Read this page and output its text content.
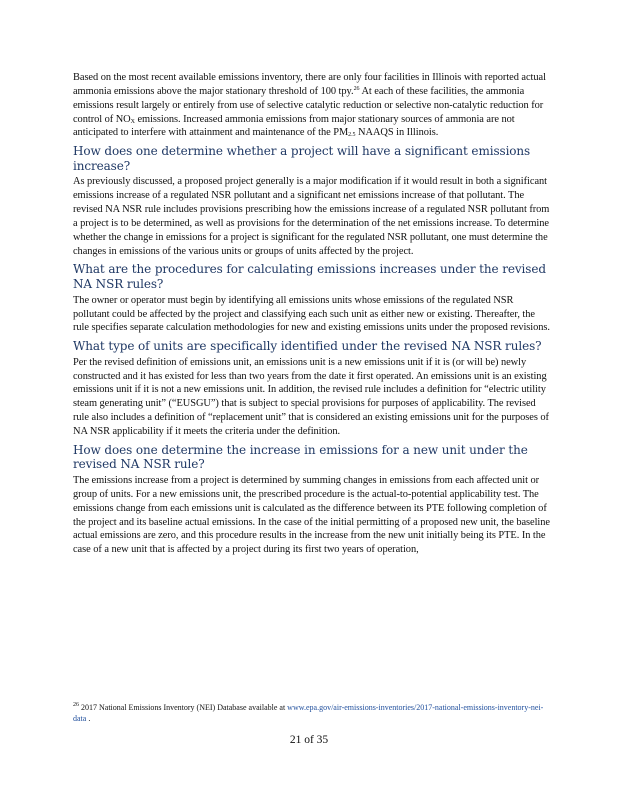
Based on the most recent available emissions inventory, there are only four facilities in Illinois with reported actual ammonia emissions above the major stationary threshold of 100 tpy.$^{26}$ At each of these facilities, the ammonia emissions result largely or entirely from use of selective catalytic reduction or selective non-catalytic reduction for control of $NO_X$ emissions. Increased ammonia emissions from major stationary sources of ammonia are not anticipated to interfere with attainment and maintenance of the $PM_{2.5}$ NAAQS in Illinois.

How does one determine whether a project will have a significant emissions increase?

As previously discussed, a proposed project generally is a major modification if it would result in both a significant emissions increase of a regulated NSR pollutant and a significant net emissions increase of that pollutant. The revised NA NSR rule includes provisions prescribing how the emissions increase of a regulated NSR pollutant from a project is to be determined, as well as provisions for the determination of the net emissions increase. To determine whether the change in emissions for a project is significant for the regulated NSR pollutant, one must determine the changes in emissions of the various units or groups of units affected by the project.

What are the procedures for calculating emissions increases under the revised NA NSR rules?

The owner or operator must begin by identifying all emissions units whose emissions of the regulated NSR pollutant could be affected by the project and classifying each such unit as either new or existing. Thereafter, the rule specifies separate calculation methodologies for new and existing emissions units under the proposed revisions.

What type of units are specifically identified under the revised NA NSR rules?

Per the revised definition of emissions unit, an emissions unit is a new emissions unit if it is (or will be) newly constructed and it has existed for less than two years from the date it first operated. An emissions unit is an existing emissions unit if it is not a new emissions unit. In addition, the revised rule includes a definition for “electric utility steam generating unit” (“EUSGU”) that is subject to special provisions for purposes of applicability. The revised rule also includes a definition of “replacement unit” that is considered an existing emissions unit for the purposes of NA NSR applicability if it meets the criteria under the definition.

How does one determine the increase in emissions for a new unit under the revised NA NSR rule?

The emissions increase from a project is determined by summing changes in emissions from each affected unit or group of units. For a new emissions unit, the prescribed procedure is the actual-to-potential applicability test. The emissions change from each emissions unit is calculated as the difference between its PTE following completion of the project and its baseline actual emissions. In the case of the initial permitting of a proposed new unit, the baseline actual emissions are zero, and this procedure results in the increase from the new unit initially being its PTE. In the case of a new unit that is affected by a project during its first two years of operation,

$^{26}$ 2017 National Emissions Inventory (NEI) Database available at www.epa.gov/air-emissions-inventories/2017-national-emissions-inventory-nei-data .
21 of 35
